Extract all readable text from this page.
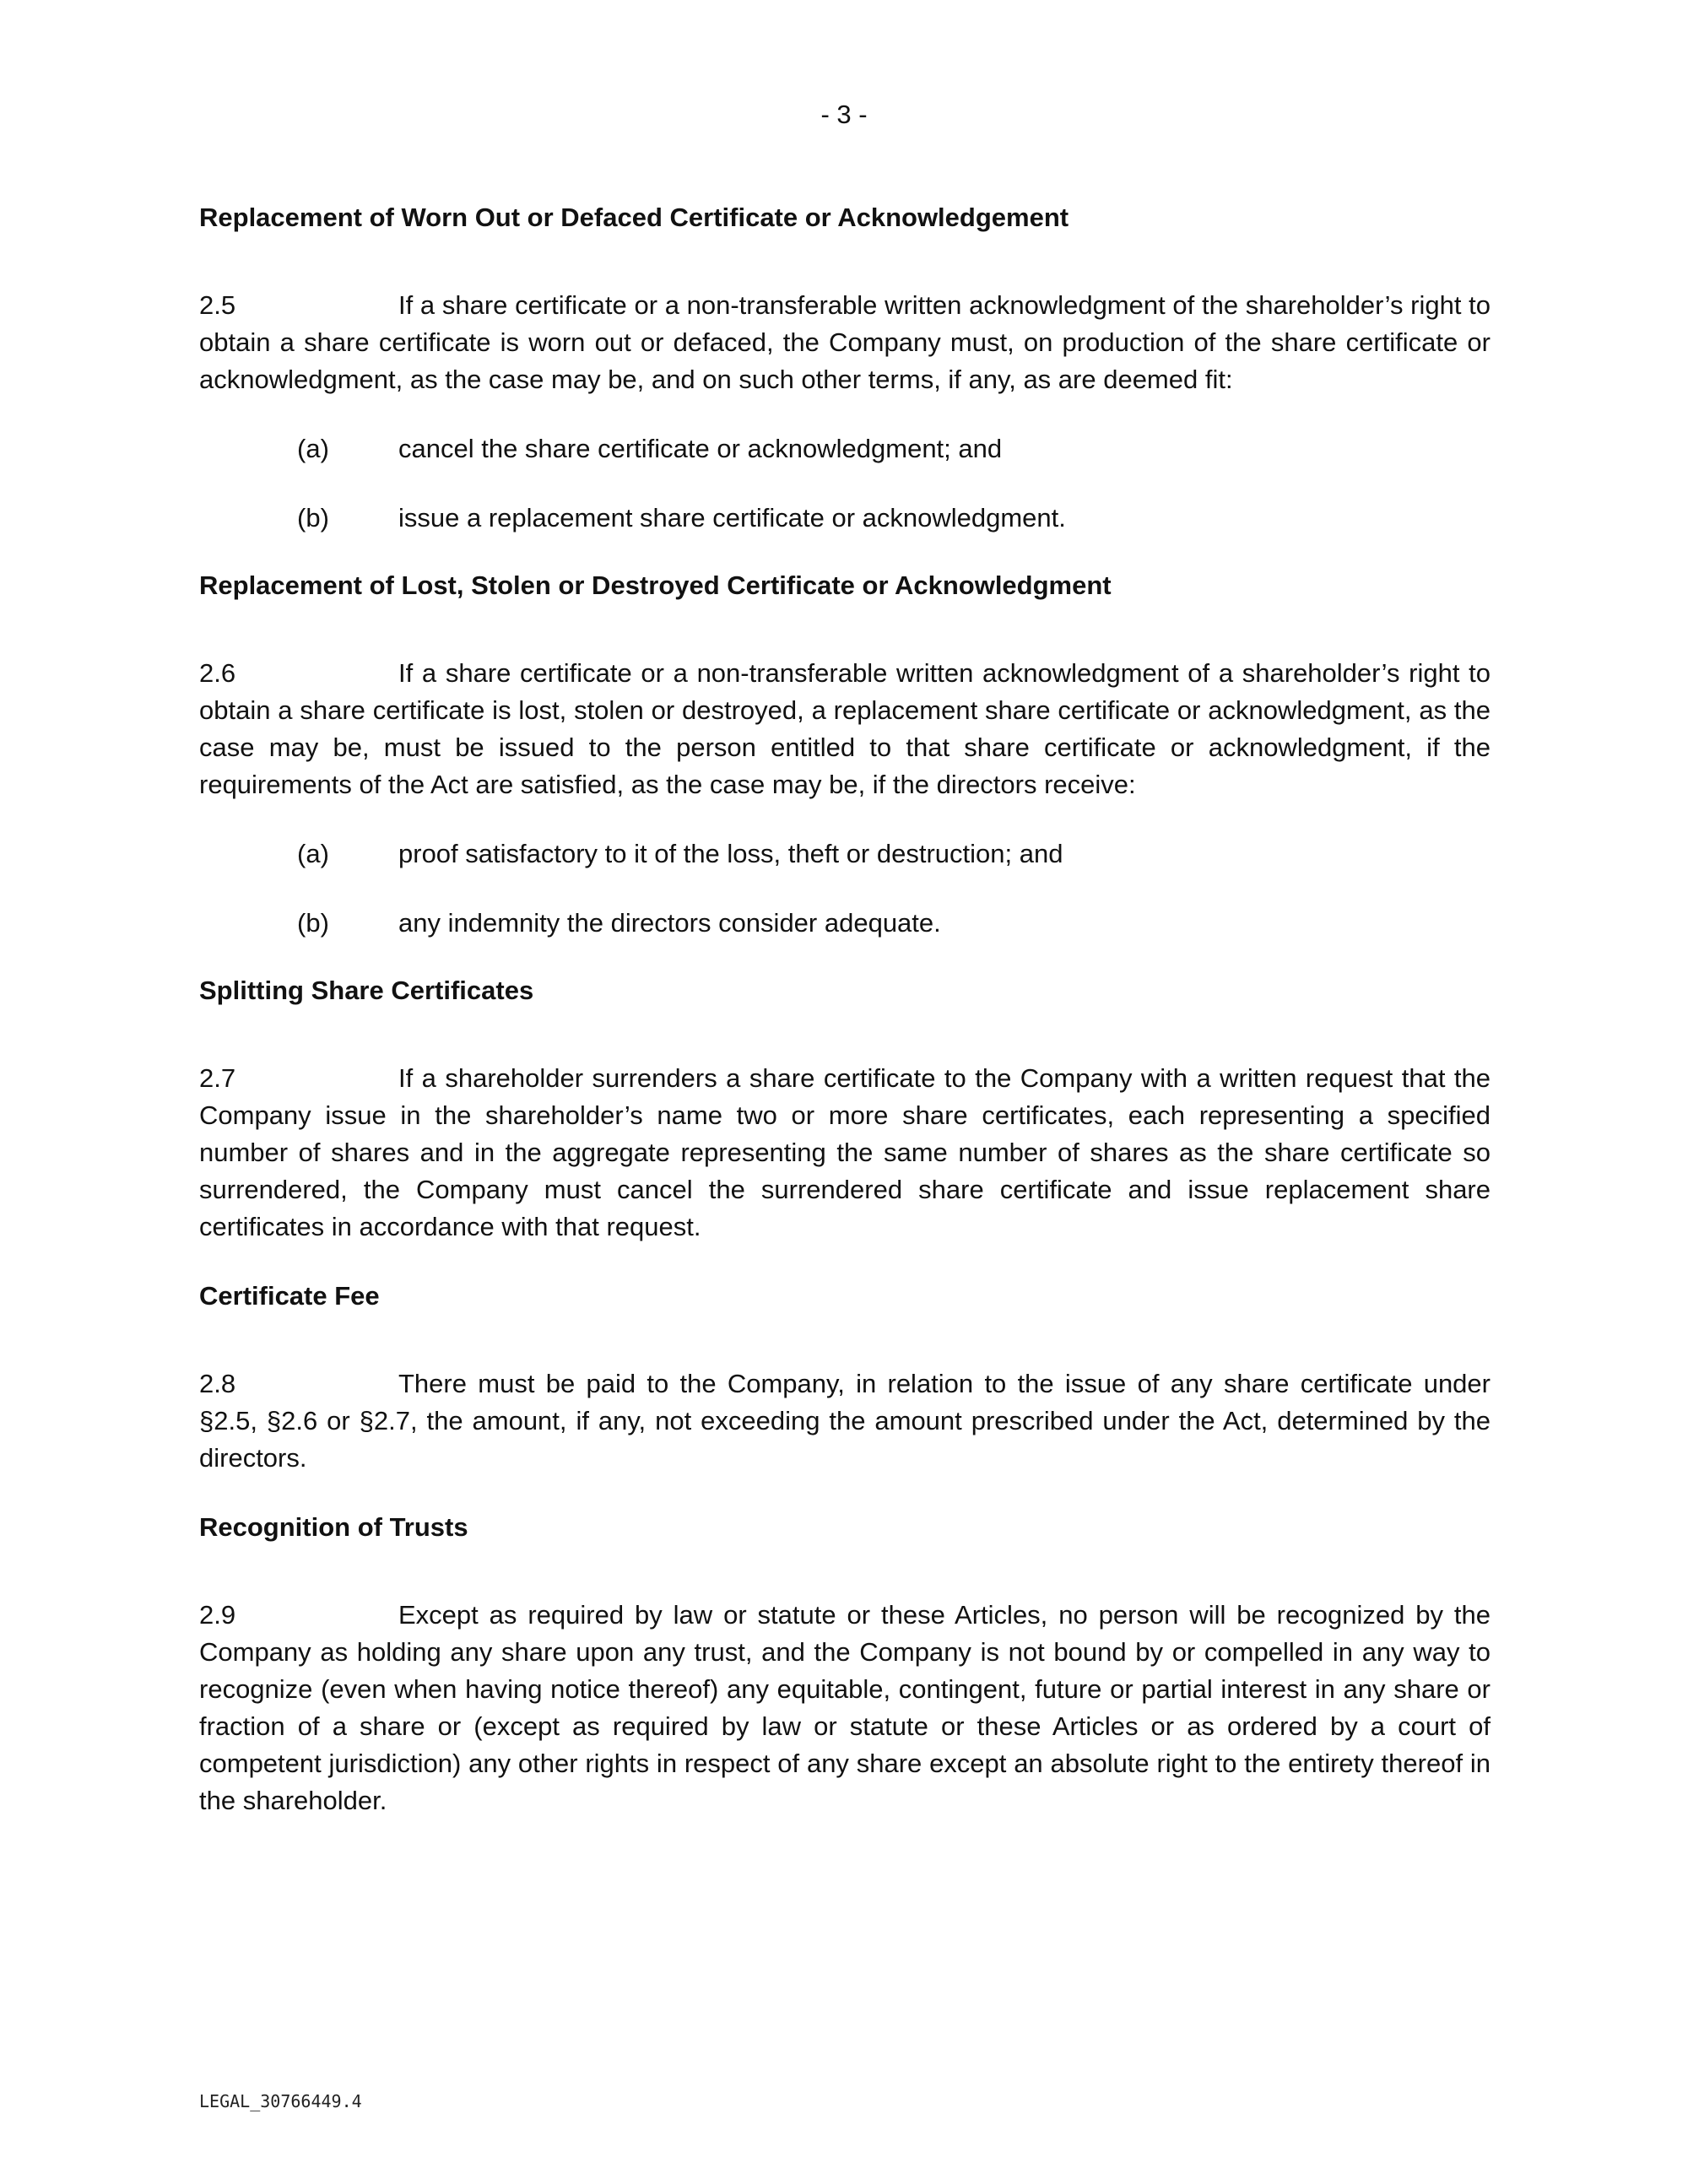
- 3 -
Replacement of Worn Out or Defaced Certificate or Acknowledgement
2.5	If a share certificate or a non-transferable written acknowledgment of the shareholder’s right to obtain a share certificate is worn out or defaced, the Company must, on production of the share certificate or acknowledgment, as the case may be, and on such other terms, if any, as are deemed fit:
(a)	cancel the share certificate or acknowledgment; and
(b)	issue a replacement share certificate or acknowledgment.
Replacement of Lost, Stolen or Destroyed Certificate or Acknowledgment
2.6	If a share certificate or a non-transferable written acknowledgment of a shareholder’s right to obtain a share certificate is lost, stolen or destroyed, a replacement share certificate or acknowledgment, as the case may be, must be issued to the person entitled to that share certificate or acknowledgment, if the requirements of the Act are satisfied, as the case may be, if the directors receive:
(a)	proof satisfactory to it of the loss, theft or destruction; and
(b)	any indemnity the directors consider adequate.
Splitting Share Certificates
2.7	If a shareholder surrenders a share certificate to the Company with a written request that the Company issue in the shareholder’s name two or more share certificates, each representing a specified number of shares and in the aggregate representing the same number of shares as the share certificate so surrendered, the Company must cancel the surrendered share certificate and issue replacement share certificates in accordance with that request.
Certificate Fee
2.8	There must be paid to the Company, in relation to the issue of any share certificate under §2.5, §2.6 or §2.7, the amount, if any, not exceeding the amount prescribed under the Act, determined by the directors.
Recognition of Trusts
2.9	Except as required by law or statute or these Articles, no person will be recognized by the Company as holding any share upon any trust, and the Company is not bound by or compelled in any way to recognize (even when having notice thereof) any equitable, contingent, future or partial interest in any share or fraction of a share or (except as required by law or statute or these Articles or as ordered by a court of competent jurisdiction) any other rights in respect of any share except an absolute right to the entirety thereof in the shareholder.
LEGAL_30766449.4
